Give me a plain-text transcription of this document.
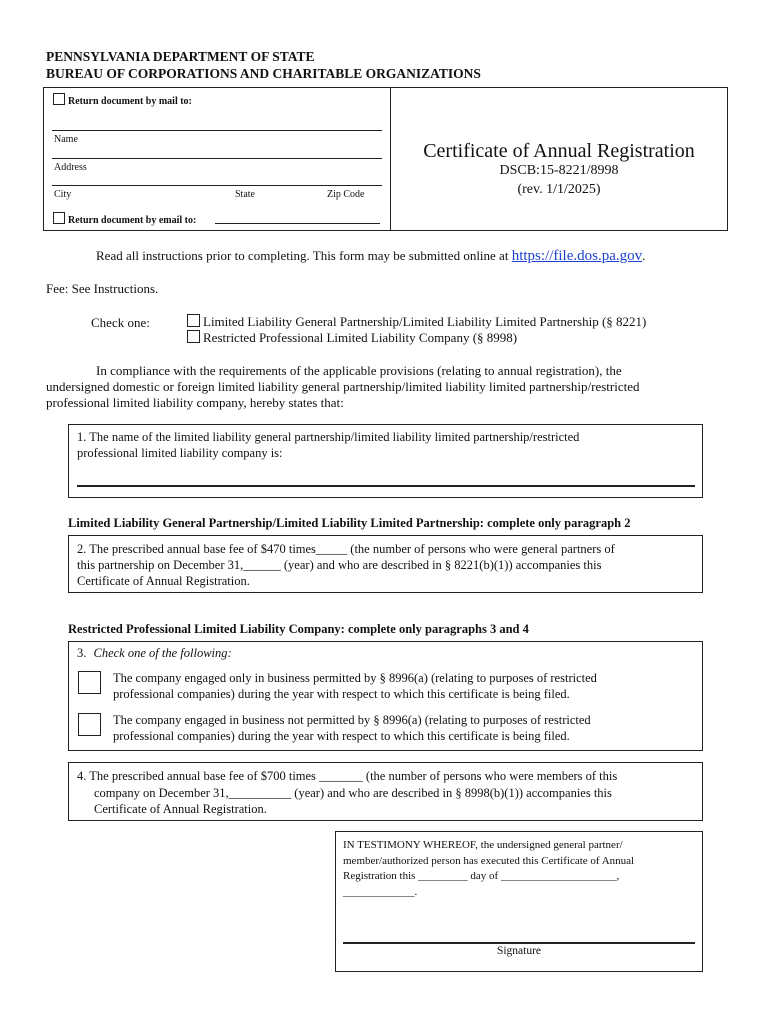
PENNSYLVANIA DEPARTMENT OF STATE
BUREAU OF CORPORATIONS AND CHARITABLE ORGANIZATIONS
Return document by mail to:
Name
Address
City	State	Zip Code
Return document by email to:
Certificate of Annual Registration
DSCB:15-8221/8998
(rev. 1/1/2025)
Read all instructions prior to completing. This form may be submitted online at https://file.dos.pa.gov.
Fee: See Instructions.
Check one:	Limited Liability General Partnership/Limited Liability Limited Partnership (§ 8221)
Restricted Professional Limited Liability Company (§ 8998)
In compliance with the requirements of the applicable provisions (relating to annual registration), the
undersigned domestic or foreign limited liability general partnership/limited liability limited partnership/restricted
professional limited liability company, hereby states that:
1. The name of the limited liability general partnership/limited liability limited partnership/restricted
professional limited liability company is:
Limited Liability General Partnership/Limited Liability Limited Partnership: complete only paragraph 2
2. The prescribed annual base fee of $470 times_____ (the number of persons who were general partners of
this partnership on December 31,______ (year) and who are described in § 8221(b)(1)) accompanies this
Certificate of Annual Registration.
Restricted Professional Limited Liability Company: complete only paragraphs 3 and 4
3. Check one of the following:
The company engaged only in business permitted by § 8996(a) (relating to purposes of restricted
professional companies) during the year with respect to which this certificate is being filed.
The company engaged in business not permitted by § 8996(a) (relating to purposes of restricted
professional companies) during the year with respect to which this certificate is being filed.
4. The prescribed annual base fee of $700 times _______ (the number of persons who were members of this
company on December 31,__________ (year) and who are described in § 8998(b)(1)) accompanies this
Certificate of Annual Registration.
IN TESTIMONY WHEREOF, the undersigned general partner/
member/authorized person has executed this Certificate of Annual
Registration this _________ day of _____________________,
_____________.
Signature
